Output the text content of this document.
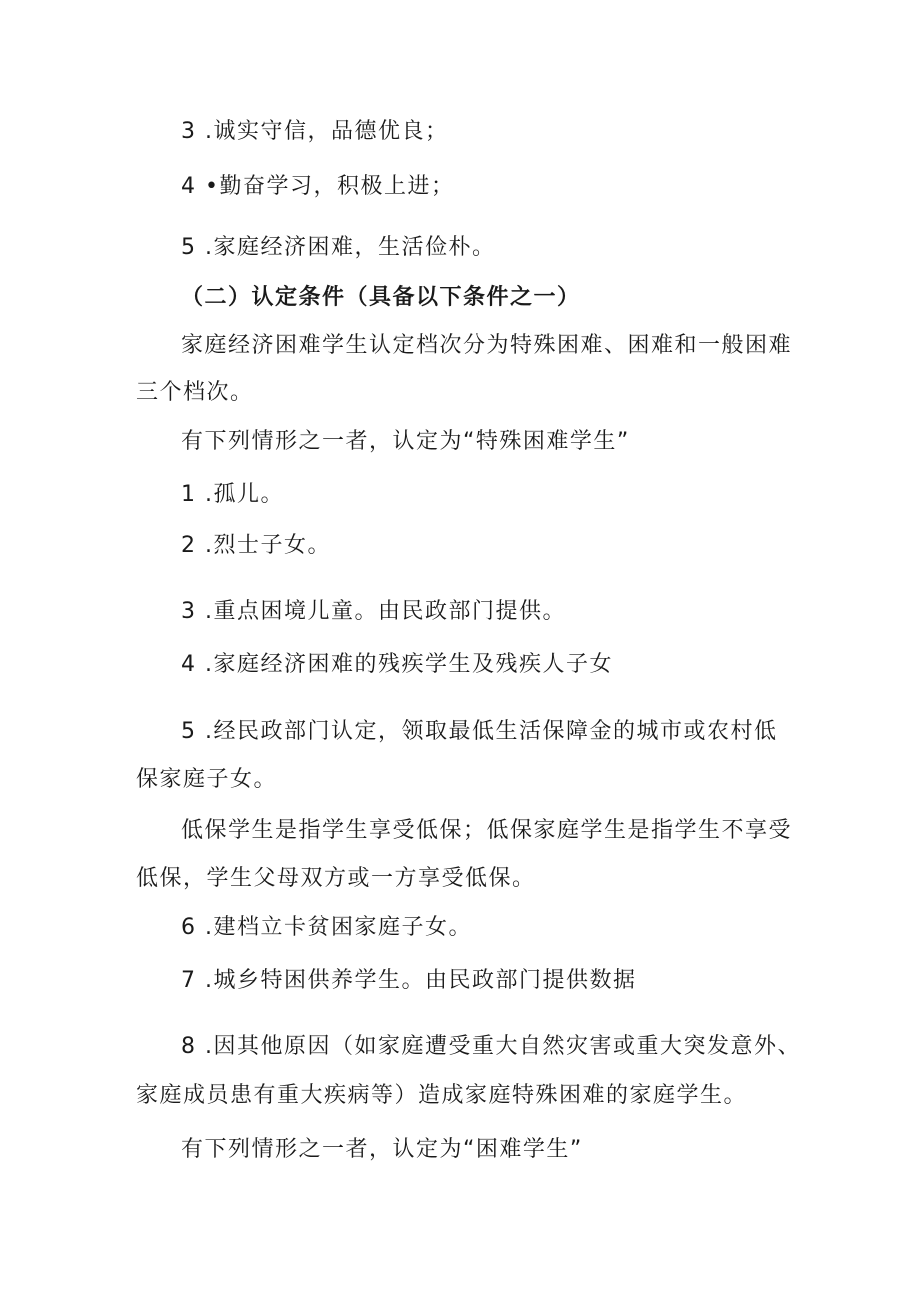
3 .诚实守信，品德优良；

4 •勤奋学习，积极上进；

5 .家庭经济困难，生活俭朴。

（二）认定条件（具备以下条件之一）

家庭经济困难学生认定档次分为特殊困难、困难和一般困难

三个档次。

有下列情形之一者，认定为“特殊困难学生”

1 .孤儿。

2 .烈士子女。

3 .重点困境儿童。由民政部门提供。

4 .家庭经济困难的残疾学生及残疾人子女

5 .经民政部门认定，领取最低生活保障金的城市或农村低

保家庭子女。

低保学生是指学生享受低保；低保家庭学生是指学生不享受

低保，学生父母双方或一方享受低保。

6 .建档立卡贫困家庭子女。

7 .城乡特困供养学生。由民政部门提供数据

8 .因其他原因（如家庭遭受重大自然灾害或重大突发意外、

家庭成员患有重大疾病等）造成家庭特殊困难的家庭学生。

有下列情形之一者，认定为“困难学生”
